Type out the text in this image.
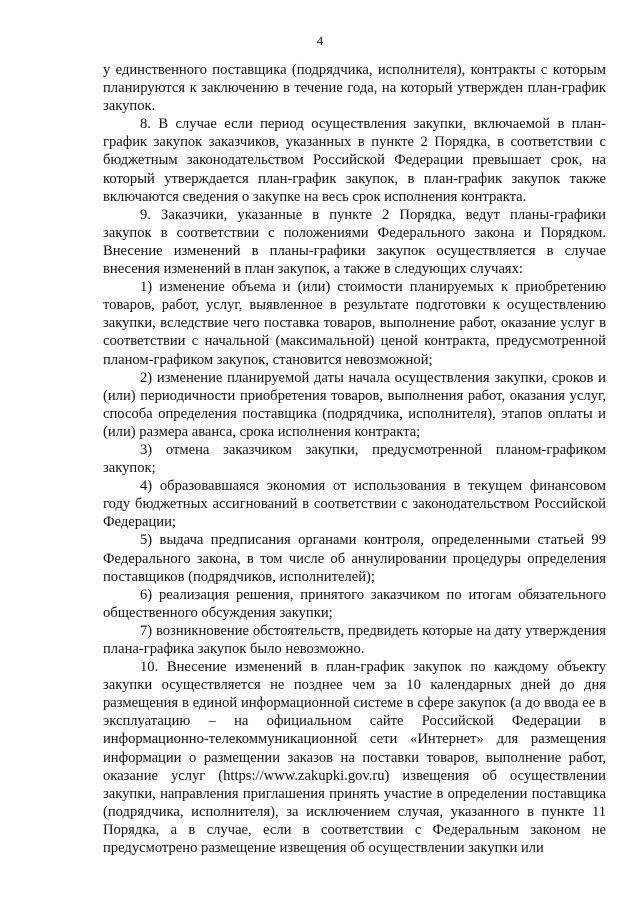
4

у единственного поставщика (подрядчика, исполнителя), контракты с которым планируются к заключению в течение года, на который утвержден план-график закупок.

8. В случае если период осуществления закупки, включаемой в план-график закупок заказчиков, указанных в пункте 2 Порядка, в соответствии с бюджетным законодательством Российской Федерации превышает срок, на который утверждается план-график закупок, в план-график закупок также включаются сведения о закупке на весь срок исполнения контракта.

9. Заказчики, указанные в пункте 2 Порядка, ведут планы-графики закупок в соответствии с положениями Федерального закона и Порядком. Внесение изменений в планы-графики закупок осуществляется в случае внесения изменений в план закупок, а также в следующих случаях:

1) изменение объема и (или) стоимости планируемых к приобретению товаров, работ, услуг, выявленное в результате подготовки к осуществлению закупки, вследствие чего поставка товаров, выполнение работ, оказание услуг в соответствии с начальной (максимальной) ценой контракта, предусмотренной планом-графиком закупок, становится невозможной;

2) изменение планируемой даты начала осуществления закупки, сроков и (или) периодичности приобретения товаров, выполнения работ, оказания услуг, способа определения поставщика (подрядчика, исполнителя), этапов оплаты и (или) размера аванса, срока исполнения контракта;

3) отмена заказчиком закупки, предусмотренной планом-графиком закупок;

4) образовавшаяся экономия от использования в текущем финансовом году бюджетных ассигнований в соответствии с законодательством Российской Федерации;

5) выдача предписания органами контроля, определенными статьей 99 Федерального закона, в том числе об аннулировании процедуры определения поставщиков (подрядчиков, исполнителей);

6) реализация решения, принятого заказчиком по итогам обязательного общественного обсуждения закупки;

7) возникновение обстоятельств, предвидеть которые на дату утверждения плана-графика закупок было невозможно.

10. Внесение изменений в план-график закупок по каждому объекту закупки осуществляется не позднее чем за 10 календарных дней до дня размещения в единой информационной системе в сфере закупок (а до ввода ее в эксплуатацию – на официальном сайте Российской Федерации в информационно-телекоммуникационной сети «Интернет» для размещения информации о размещении заказов на поставки товаров, выполнение работ, оказание услуг (https://www.zakupki.gov.ru) извещения об осуществлении закупки, направления приглашения принять участие в определении поставщика (подрядчика, исполнителя), за исключением случая, указанного в пункте 11 Порядка, а в случае, если в соответствии с Федеральным законом не предусмотрено размещение извещения об осуществлении закупки или
